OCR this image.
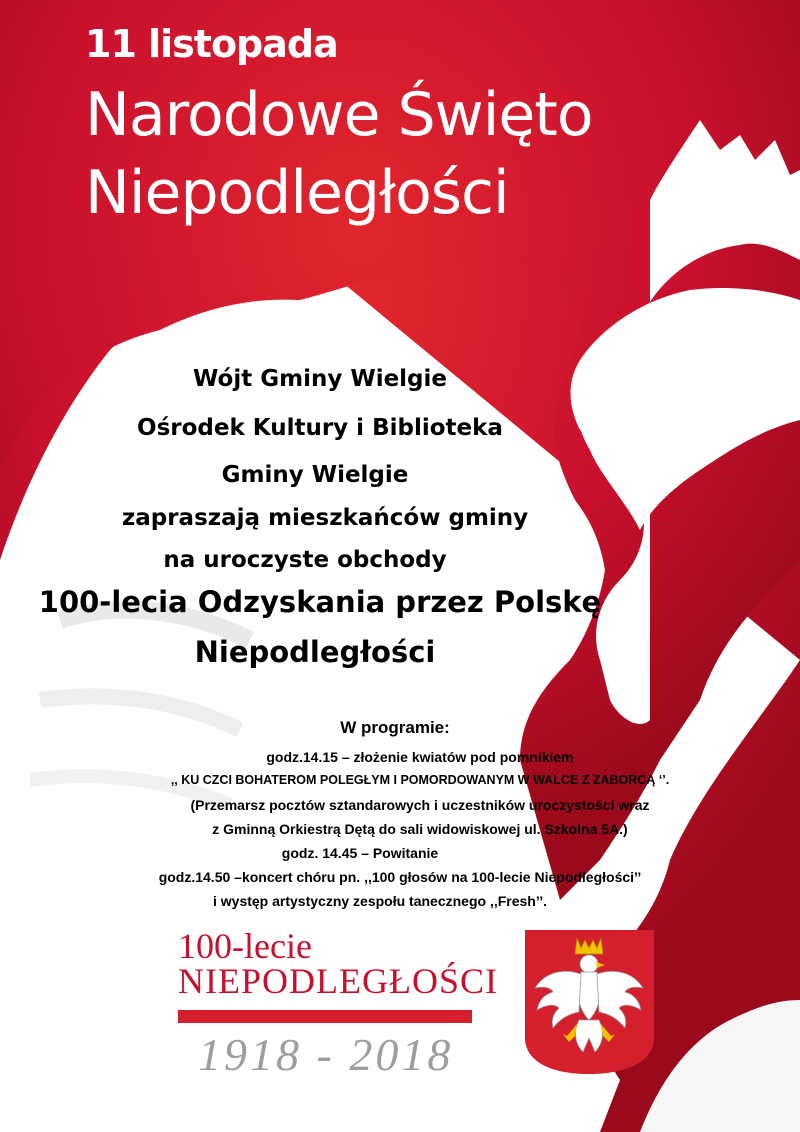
11 listopada
Narodowe Święto
Niepodległości
Wójt Gminy Wielgie
Ośrodek Kultury i Biblioteka
Gminy Wielgie
zapraszają mieszkańców gminy
na uroczyste obchody
100-lecia Odzyskania przez Polskę
Niepodległości
W programie:
godz.14.15 – złożenie kwiatów pod pomnikiem
,, KU CZCI BOHATEROM POLEGŁYM I POMORDOWANYM W WALCE Z ZABORCĄ ‘’.
(Przemarsz pocztów sztandarowych i uczestników uroczystości wraz
z Gminną Orkiestrą Dętą do sali widowiskowej ul. Szkolna 5A.)
godz. 14.45 – Powitanie
godz.14.50 –koncert chóru pn. ,,100 głosów na 100-lecie Niepodległości’’
i występ artystyczny zespołu tanecznego ,,Fresh’’.
100-lecie
NIEPODLEGŁOŚCI
1918 - 2018
